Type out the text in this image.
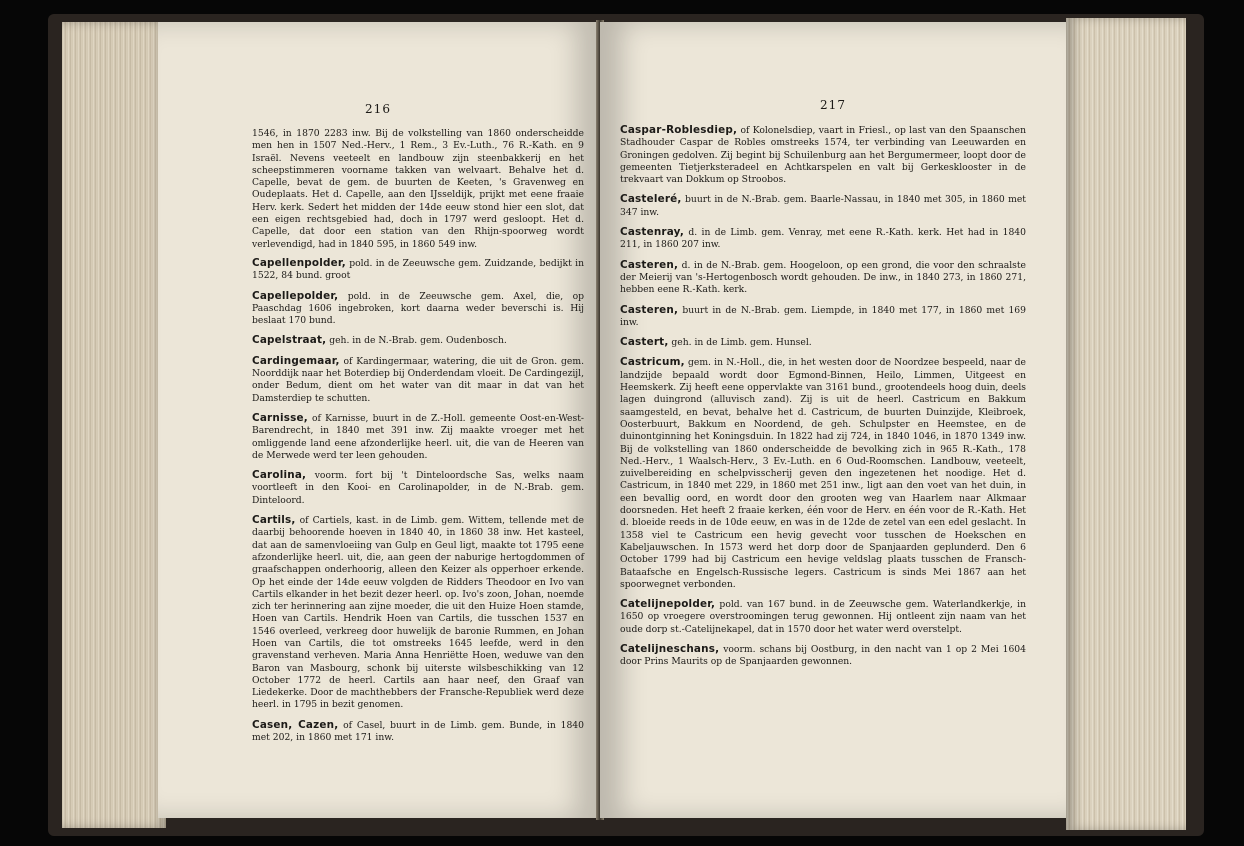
216

1546, in 1870 2283 inw. Bij de volkstelling van 1860 onderscheidde men hen in 1507 Ned.-Herv., 1 Rem., 3 Ev.-Luth., 76 R.-Kath. en 9 Israël. Nevens veeteelt en landbouw zijn steenbakkerij en het scheepstimmeren voorname takken van welvaart. Behalve het d. Capelle, bevat de gem. de buurten de Keeten, 's Gravenweg en Oudeplaats. Het d. Capelle, aan den IJsseldijk, prijkt met eene fraaie Herv. kerk. Sedert het midden der 14de eeuw stond hier een slot, dat een eigen rechtsgebied had, doch in 1797 werd gesloopt. Het d. Capelle, dat door een station van den Rhijn-spoorweg wordt verlevendigd, had in 1840 595, in 1860 549 inw.

Capellenpolder, pold. in de Zeeuwsche gem. Zuidzande, bedijkt in 1522, 84 bund. groot

Capellepolder, pold. in de Zeeuwsche gem. Axel, die, op Paaschdag 1606 ingebroken, kort daarna weder beverschi is. Hij beslaat 170 bund.

Capelstraat, geh. in de N.-Brab. gem. Oudenbosch.

Cardingemaar, of Kardingermaar, watering, die uit de Gron. gem. Noorddijk naar het Boterdiep bij Onderdendam vloeit. De Cardingezijl, onder Bedum, dient om het water van dit maar in dat van het Damsterdiep te schutten.

Carnisse, of Karnisse, buurt in de Z.-Holl. gemeente Oost-en-West-Barendrecht, in 1840 met 391 inw. Zij maakte vroeger met het omliggende land eene afzonderlijke heerl. uit, die van de Heeren van de Merwede werd ter leen gehouden.

Carolina, voorm. fort bij 't Dinteloordsche Sas, welks naam voortleeft in den Kooi- en Carolinapolder, in de N.-Brab. gem. Dinteloord.

Cartils, of Cartiels, kast. in de Limb. gem. Wittem, tellende met de daarbij behoorende hoeven in 1840 40, in 1860 38 inw. Het kasteel, dat aan de samenvloeiing van Gulp en Geul ligt, maakte tot 1795 eene afzonderlijke heerl. uit, die, aan geen der naburige hertogdommen of graafschappen onderhoorig, alleen den Keizer als opperhoer erkende. Op het einde der 14de eeuw volgden de Ridders Theodoor en Ivo van Cartils elkander in het bezit dezer heerl. op. Ivo's zoon, Johan, noemde zich ter herinnering aan zijne moeder, die uit den Huize Hoen stamde, Hoen van Cartils. Hendrik Hoen van Cartils, die tusschen 1537 en 1546 overleed, verkreeg door huwelijk de baronie Rummen, en Johan Hoen van Cartils, die tot omstreeks 1645 leefde, werd in den gravenstand verheven. Maria Anna Henriëtte Hoen, weduwe van den Baron van Masbourg, schonk bij uiterste wilsbeschikking van 12 October 1772 de heerl. Cartils aan haar neef, den Graaf van Liedekerke. Door de machthebbers der Fransche-Republiek werd deze heerl. in 1795 in bezit genomen.

Casen, Cazen, of Casel, buurt in de Limb. gem. Bunde, in 1840 met 202, in 1860 met 171 inw.

217

Caspar-Roblesdiep, of Kolonelsdiep, vaart in Friesl., op last van den Spaanschen Stadhouder Caspar de Robles omstreeks 1574, ter verbinding van Leeuwarden en Groningen gedolven. Zij begint bij Schuilenburg aan het Bergumermeer, loopt door de gemeenten Tietjerksteradeel en Achtkarspelen en valt bij Gerkesklooster in de trekvaart van Dokkum op Stroobos.

Casteleré, buurt in de N.-Brab. gem. Baarle-Nassau, in 1840 met 305, in 1860 met 347 inw.

Castenray, d. in de Limb. gem. Venray, met eene R.-Kath. kerk. Het had in 1840 211, in 1860 207 inw.

Casteren, d. in de N.-Brab. gem. Hoogeloon, op een grond, die voor den schraalste der Meierij van 's-Hertogenbosch wordt gehouden. De inw., in 1840 273, in 1860 271, hebben eene R.-Kath. kerk.

Casteren, buurt in de N.-Brab. gem. Liempde, in 1840 met 177, in 1860 met 169 inw.

Castert, geh. in de Limb. gem. Hunsel.

Castricum, gem. in N.-Holl., die, in het westen door de Noordzee bespeeld, naar de landzijde bepaald wordt door Egmond-Binnen, Heilo, Limmen, Uitgeest en Heemskerk. Zij heeft eene oppervlakte van 3161 bund., grootendeels hoog duin, deels lagen duingrond (alluvisch zand). Zij is uit de heerl. Castricum en Bakkum saamgesteld, en bevat, behalve het d. Castricum, de buurten Duinzijde, Kleibroek, Oosterbuurt, Bakkum en Noordend, de geh. Schulpster en Heemstee, en de duinontginning het Koningsduin. In 1822 had zij 724, in 1840 1046, in 1870 1349 inw. Bij de volkstelling van 1860 onderscheidde de bevolking zich in 965 R.-Kath., 178 Ned.-Herv., 1 Waalsch-Herv., 3 Ev.-Luth. en 6 Oud-Roomschen. Landbouw, veeteelt, zuivelbereiding en schelpvisscherij geven den ingezetenen het noodige. Het d. Castricum, in 1840 met 229, in 1860 met 251 inw., ligt aan den voet van het duin, in een bevallig oord, en wordt door den grooten weg van Haarlem naar Alkmaar doorsneden. Het heeft 2 fraaie kerken, één voor de Herv. en één voor de R.-Kath. Het d. bloeide reeds in de 10de eeuw, en was in de 12de de zetel van een edel geslacht. In 1358 viel te Castricum een hevig gevecht voor tusschen de Hoekschen en Kabeljauwschen. In 1573 werd het dorp door de Spanjaarden geplunderd. Den 6 October 1799 had bij Castricum een hevige veldslag plaats tusschen de Fransch-Bataafsche en Engelsch-Russische legers. Castricum is sinds Mei 1867 aan het spoorwegnet verbonden.

Catelijnepolder, pold. van 167 bund. in de Zeeuwsche gem. Waterlandkerkje, in 1650 op vroegere overstroomingen terug gewonnen. Hij ontleent zijn naam van het oude dorp st.-Catelijnekapel, dat in 1570 door het water werd overstelpt.

Catelijneschans, voorm. schans bij Oostburg, in den nacht van 1 op 2 Mei 1604 door Prins Maurits op de Spanjaarden gewonnen.
